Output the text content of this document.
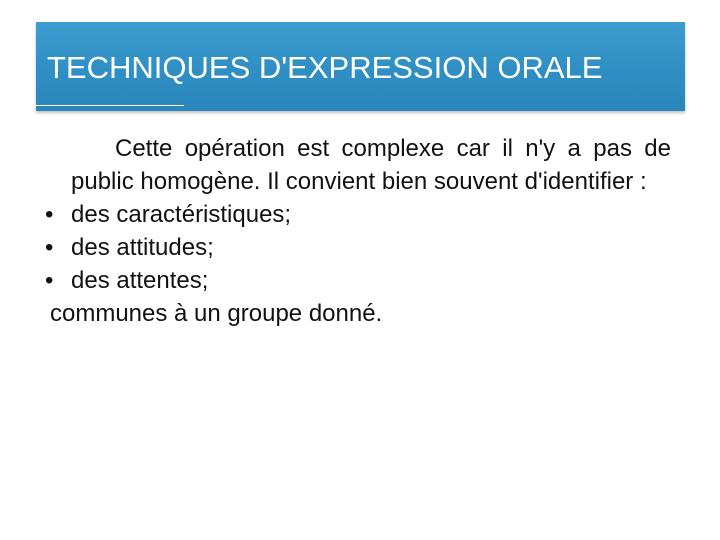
TECHNIQUES D'EXPRESSION ORALE

Cette opération est complexe car il n'y a pas de public homogène. Il convient bien souvent d'identifier :

• des caractéristiques;
• des attitudes;
• des attentes;

communes à un groupe donné.
